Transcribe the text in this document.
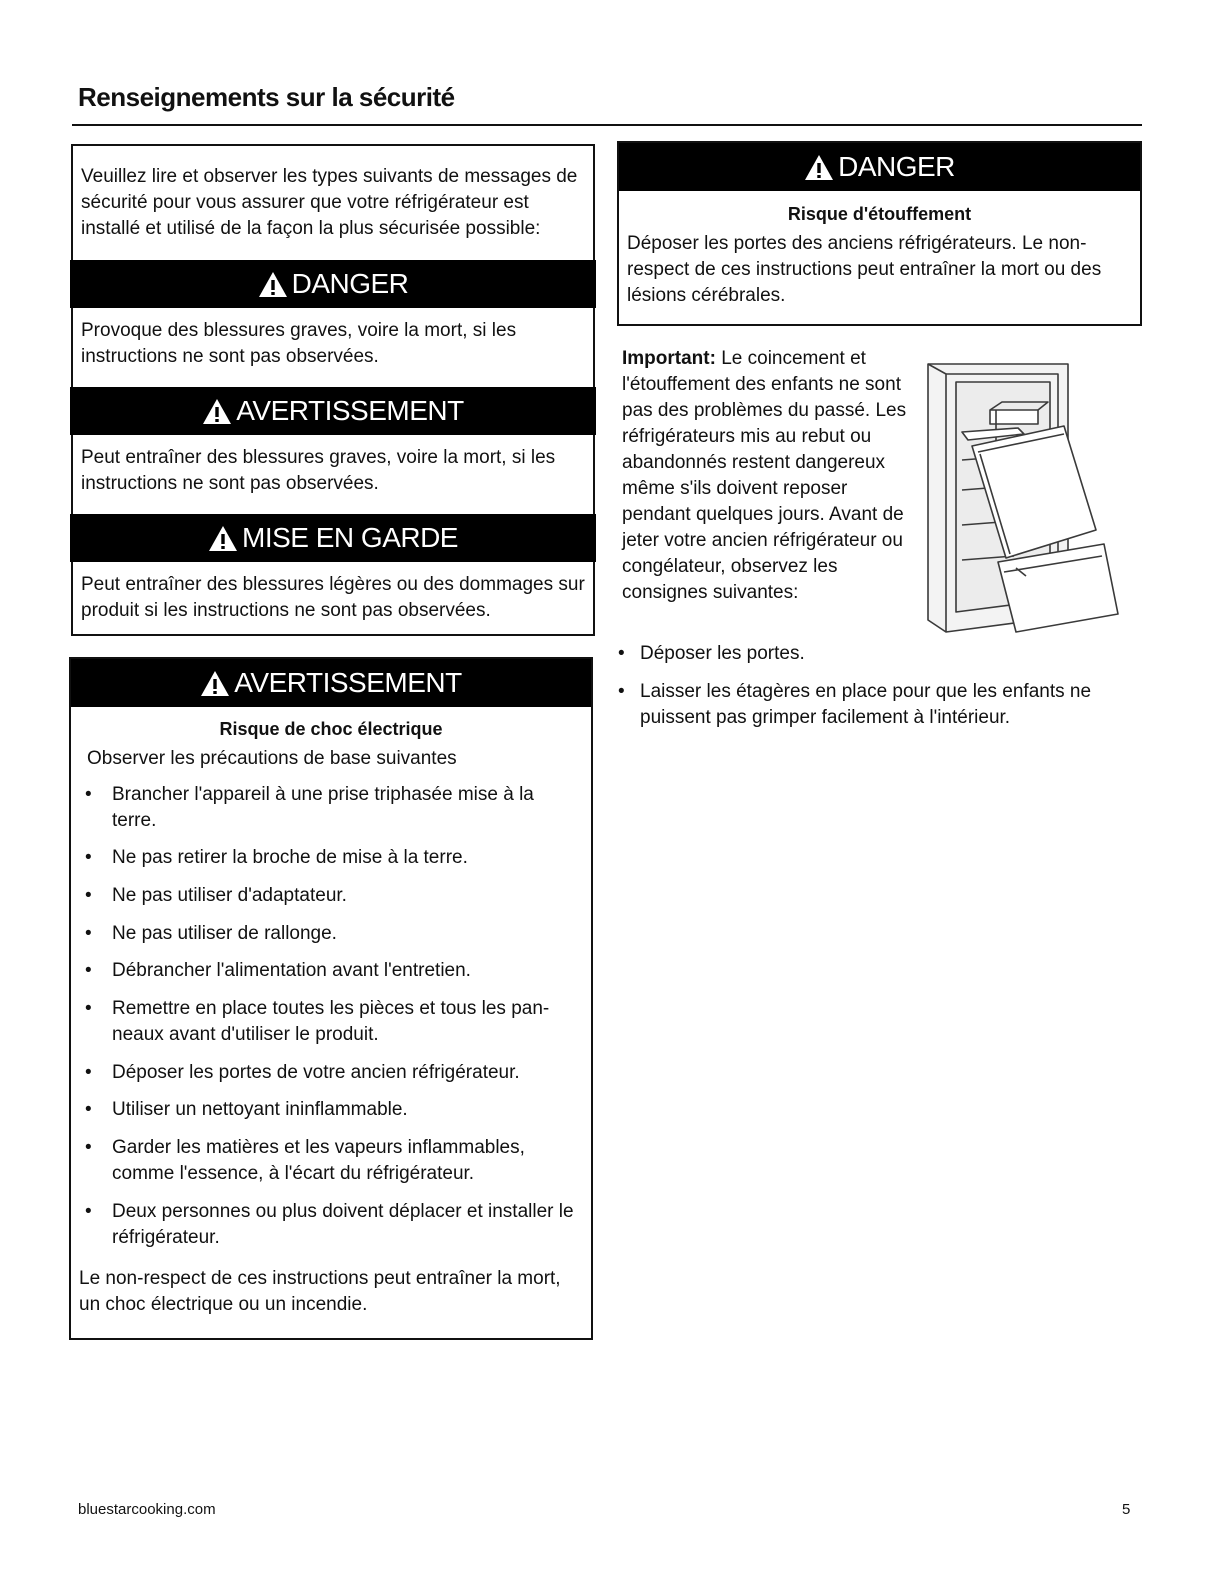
Renseignements sur la sécurité

Veuillez lire et observer les types suivants de messages de sécurité pour vous assurer que votre réfrigérateur est installé et utilisé de la façon la plus sécurisée possible:

DANGER

Provoque des blessures graves, voire la mort, si les instructions ne sont pas observées.

AVERTISSEMENT

Peut entraîner des blessures graves, voire la mort, si les instructions ne sont pas observées.

MISE EN GARDE

Peut entraîner des blessures légères ou des dommages sur produit si les instructions ne sont pas observées.

AVERTISSEMENT

Risque de choc électrique

Observer les précautions de base suivantes

• Brancher l'appareil à une prise triphasée mise à la terre.
• Ne pas retirer la broche de mise à la terre.
• Ne pas utiliser d'adaptateur.
• Ne pas utiliser de rallonge.
• Débrancher l'alimentation avant l'entretien.
• Remettre en place toutes les pièces et tous les pan-neaux avant d'utiliser le produit.
• Déposer les portes de votre ancien réfrigérateur.
• Utiliser un nettoyant ininflammable.
• Garder les matières et les vapeurs inflammables, comme l'essence, à l'écart du réfrigérateur.
• Deux personnes ou plus doivent déplacer et installer le réfrigérateur.

Le non-respect de ces instructions peut entraîner la mort, un choc électrique ou un incendie.

DANGER

Risque d'étouffement

Déposer les portes des anciens réfrigérateurs. Le non-respect de ces instructions peut entraîner la mort ou des lésions cérébrales.

Important: Le coincement et l'étouffement des enfants ne sont pas des problèmes du passé. Les réfrigérateurs mis au rebut ou abandonnés restent dangereux même s'ils doivent reposer pendant quelques jours. Avant de jeter votre ancien réfrigérateur ou congélateur, observez les consignes suivantes:

• Déposer les portes.
• Laisser les étagères en place pour que les enfants ne puissent pas grimper facilement à l'intérieur.
bluestarcooking.com	5
